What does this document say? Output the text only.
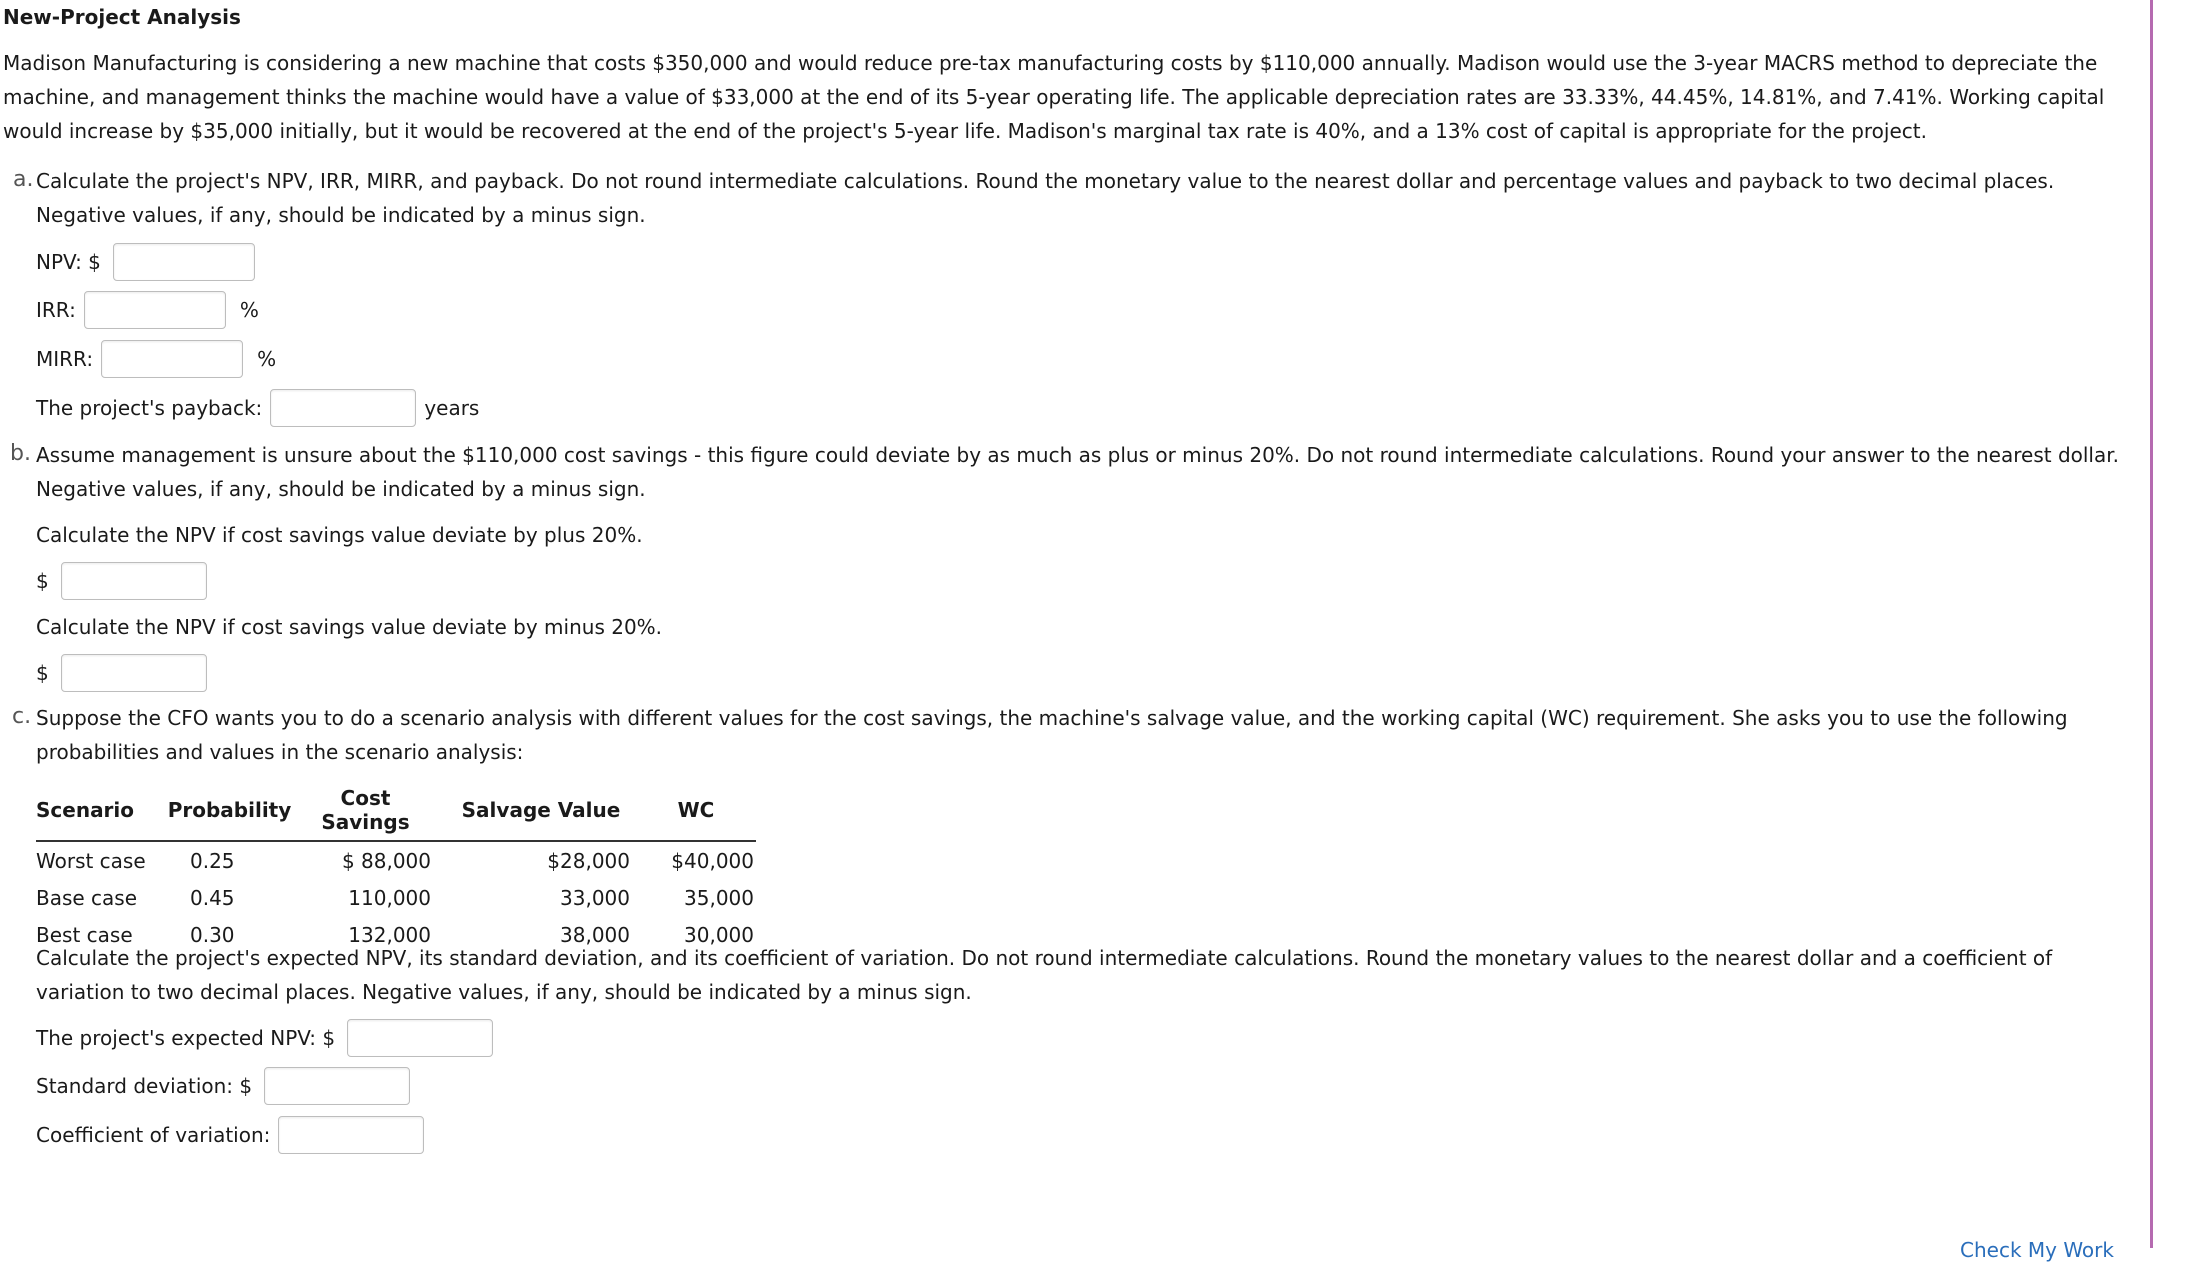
New-Project Analysis
Madison Manufacturing is considering a new machine that costs $350,000 and would reduce pre-tax manufacturing costs by $110,000 annually. Madison would use the 3-year MACRS method to depreciate the machine, and management thinks the machine would have a value of $33,000 at the end of its 5-year operating life. The applicable depreciation rates are 33.33%, 44.45%, 14.81%, and 7.41%. Working capital would increase by $35,000 initially, but it would be recovered at the end of the project's 5-year life. Madison's marginal tax rate is 40%, and a 13% cost of capital is appropriate for the project.
a. Calculate the project's NPV, IRR, MIRR, and payback. Do not round intermediate calculations. Round the monetary value to the nearest dollar and percentage values and payback to two decimal places. Negative values, if any, should be indicated by a minus sign.
NPV: $
IRR:	%
MIRR:	%
The project's payback:	years
b. Assume management is unsure about the $110,000 cost savings - this figure could deviate by as much as plus or minus 20%. Do not round intermediate calculations. Round your answer to the nearest dollar. Negative values, if any, should be indicated by a minus sign.
Calculate the NPV if cost savings value deviate by plus 20%.
$
Calculate the NPV if cost savings value deviate by minus 20%.
$
c. Suppose the CFO wants you to do a scenario analysis with different values for the cost savings, the machine's salvage value, and the working capital (WC) requirement. She asks you to use the following probabilities and values in the scenario analysis:
Scenario	Probability	Cost Savings	Salvage Value	WC
Worst case	0.25	$ 88,000	$28,000	$40,000
Base case	0.45	110,000	33,000	35,000
Best case	0.30	132,000	38,000	30,000
Calculate the project's expected NPV, its standard deviation, and its coefficient of variation. Do not round intermediate calculations. Round the monetary values to the nearest dollar and a coefficient of variation to two decimal places. Negative values, if any, should be indicated by a minus sign.
The project's expected NPV: $
Standard deviation: $
Coefficient of variation:
Check My Work
